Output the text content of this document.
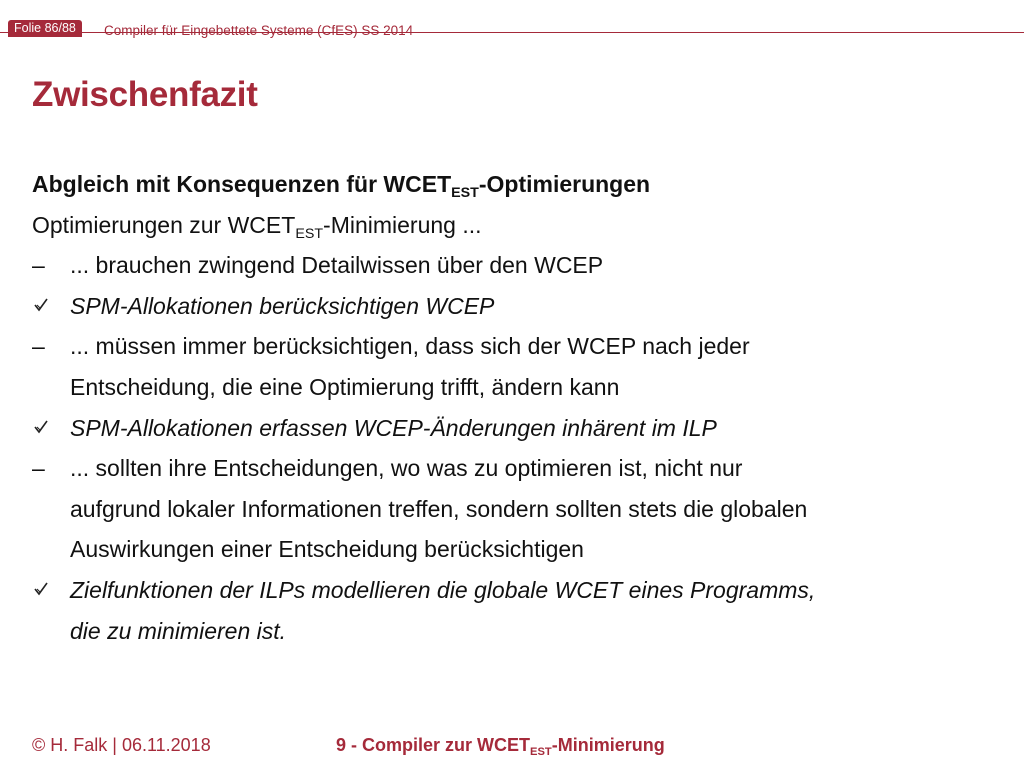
Folie 86/88	Compiler für Eingebettete Systeme (CfES) SS 2014
Zwischenfazit
Abgleich mit Konsequenzen für $WCET_{EST}$-Optimierungen
Optimierungen zur $WCET_{EST}$-Minimierung ...
–	... brauchen zwingend Detailwissen über den WCEP
SPM-Allokationen berücksichtigen WCEP
–	... müssen immer berücksichtigen, dass sich der WCEP nach jeder
Entscheidung, die eine Optimierung trifft, ändern kann
SPM-Allokationen erfassen WCEP-Änderungen inhärent im ILP
–	... sollten ihre Entscheidungen, wo was zu optimieren ist, nicht nur
aufgrund lokaler Informationen treffen, sondern sollten stets die globalen
Auswirkungen einer Entscheidung berücksichtigen
Zielfunktionen der ILPs modellieren die globale WCET eines Programms,
die zu minimieren ist.
© H. Falk | 06.11.2018	9 - Compiler zur $WCET_{EST}$-Minimierung
